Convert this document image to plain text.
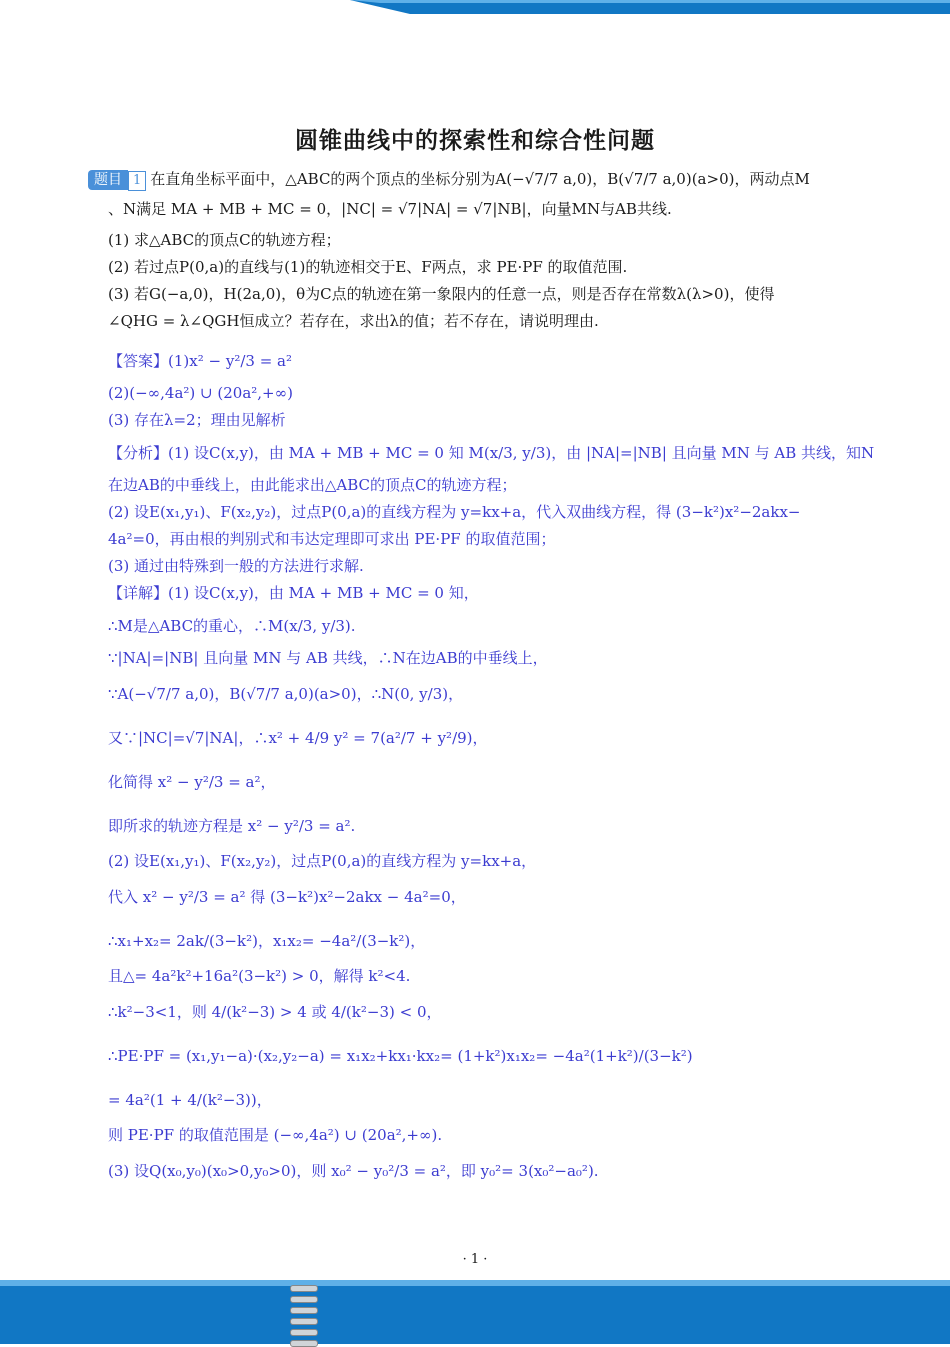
圆锥曲线中的探索性和综合性问题
题目 1 在直角坐标平面中，△ABC的两个顶点的坐标分别为A(−√7/7 a,0)，B(√7/7 a,0)(a>0)，两动点M
、N满足 MA + MB + MC = 0，|NC| = √7|NA| = √7|NB|，向量MN与AB共线.
(1) 求△ABC的顶点C的轨迹方程；
(2) 若过点P(0,a)的直线与(1)的轨迹相交于E、F两点，求 PE·PF 的取值范围.
(3) 若G(−a,0)，H(2a,0)，θ为C点的轨迹在第一象限内的任意一点，则是否存在常数λ(λ>0)，使得
∠QHG = λ∠QGH恒成立？若存在，求出λ的值；若不存在，请说明理由.
【答案】(1)x² − y²/3 = a²
(2)(−∞,4a²) ∪ (20a²,+∞)
(3) 存在λ=2；理由见解析
【分析】(1) 设C(x,y)，由 MA + MB + MC = 0 知 M(x/3, y/3)，由 |NA|=|NB| 且向量 MN 与 AB 共线，知N
在边AB的中垂线上，由此能求出△ABC的顶点C的轨迹方程；
(2) 设E(x₁,y₁)、F(x₂,y₂)，过点P(0,a)的直线方程为 y=kx+a，代入双曲线方程，得 (3−k²)x²−2akx−
4a²=0，再由根的判别式和韦达定理即可求出 PE·PF 的取值范围；
(3) 通过由特殊到一般的方法进行求解.
【详解】(1) 设C(x,y)，由 MA + MB + MC = 0 知，
∴M是△ABC的重心，∴M(x/3, y/3).
∵|NA|=|NB| 且向量 MN 与 AB 共线，∴N在边AB的中垂线上，
∵A(−√7/7 a,0)，B(√7/7 a,0)(a>0)，∴N(0, y/3)，
又∵|NC|=√7|NA|，∴x² + 4/9 y² = 7(a²/7 + y²/9)，
化简得 x² − y²/3 = a²，
即所求的轨迹方程是 x² − y²/3 = a².
(2) 设E(x₁,y₁)、F(x₂,y₂)，过点P(0,a)的直线方程为 y=kx+a，
代入 x² − y²/3 = a² 得 (3−k²)x²−2akx − 4a²=0，
∴x₁+x₂= 2ak/(3−k²)，x₁x₂= −4a²/(3−k²)，
且△= 4a²k²+16a²(3−k²) > 0，解得 k²<4.
∴k²−3<1，则 4/(k²−3) > 4 或 4/(k²−3) < 0，
∴PE·PF = (x₁,y₁−a)·(x₂,y₂−a) = x₁x₂+kx₁·kx₂= (1+k²)x₁x₂= −4a²(1+k²)/(3−k²)
= 4a²(1 + 4/(k²−3))，
则 PE·PF 的取值范围是 (−∞,4a²) ∪ (20a²,+∞).
(3) 设Q(x₀,y₀)(x₀>0,y₀>0)，则 x₀² − y₀²/3 = a²，即 y₀²= 3(x₀²−a₀²).
· 1 ·
